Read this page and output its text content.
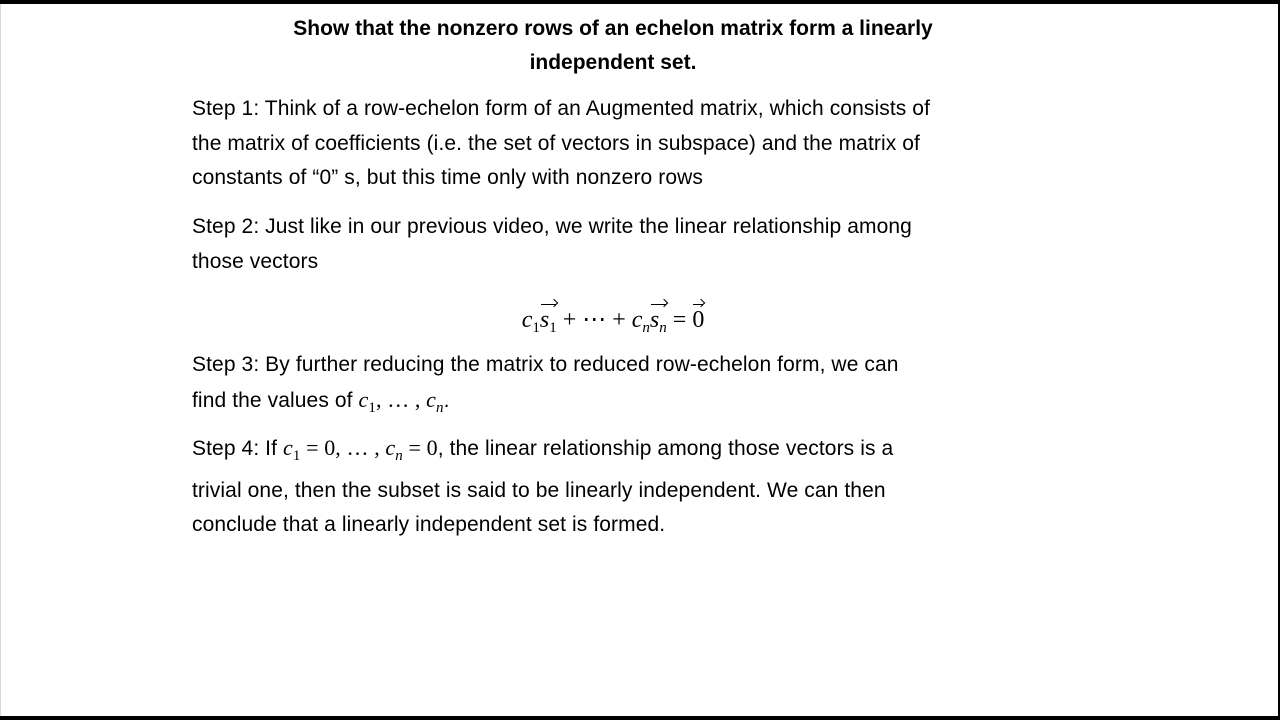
Show that the nonzero rows of an echelon matrix form a linearly
independent set.
Step 1: Think of a row-echelon form of an Augmented matrix, which consists of
the matrix of coefficients (i.e. the set of vectors in subspace) and the matrix of
constants of “0” s, but this time only with nonzero rows
Step 2: Just like in our previous video, we write the linear relationship among
those vectors
$c_1s_1$ + ⋯ + $c_ns_n = 0$
Step 3: By further reducing the matrix to reduced row-echelon form, we can
find the values of $c_1$, … , $c_n$.
Step 4: If $c_1 = 0$, … , $c_n = 0$, the linear relationship among those vectors is a
trivial one, then the subset is said to be linearly independent. We can then
conclude that a linearly independent set is formed.
